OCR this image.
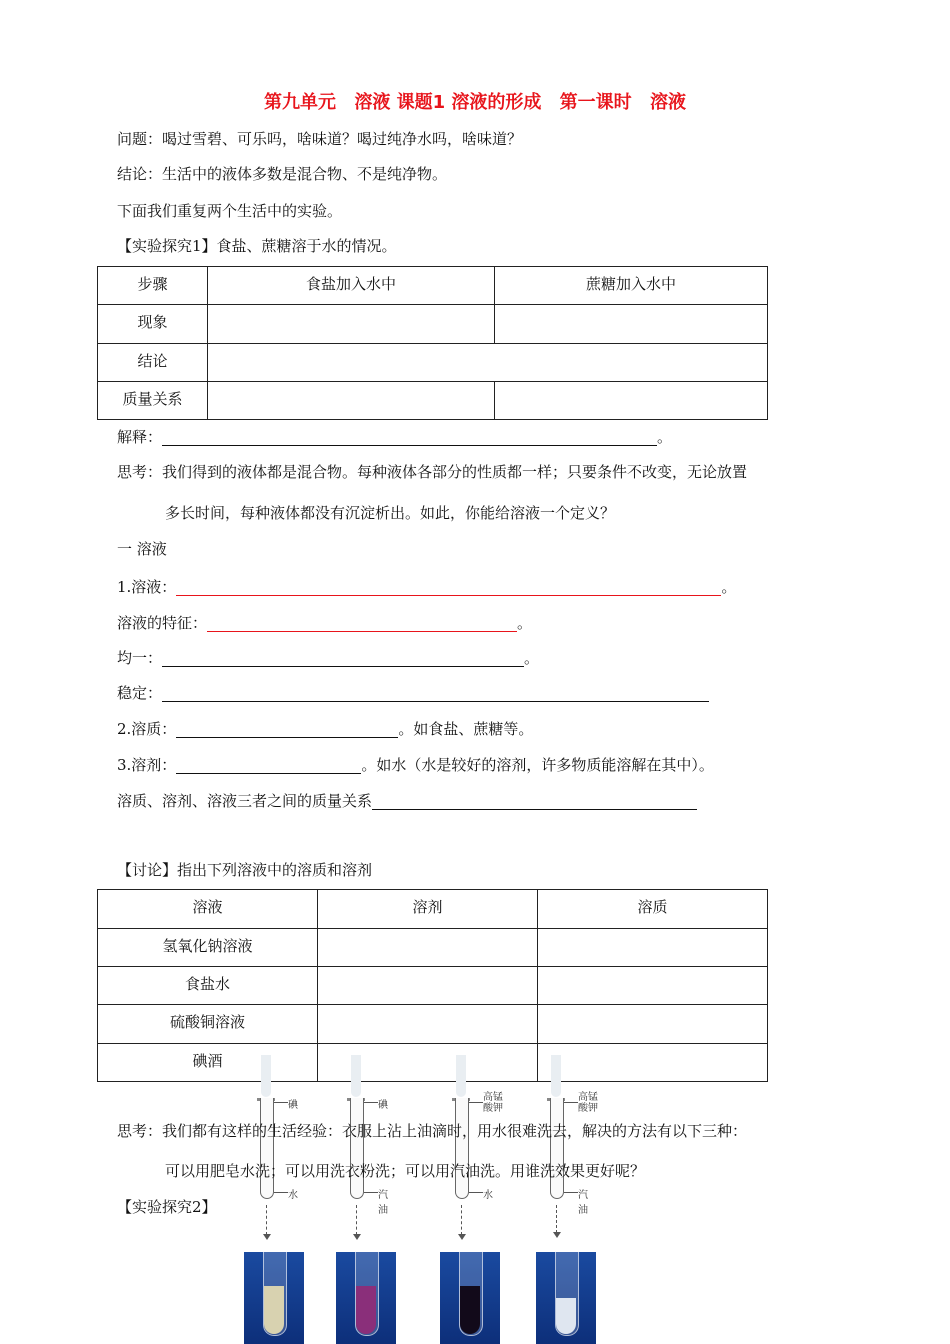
第九单元 溶液 课题1 溶液的形成 第一课时 溶液
问题：喝过雪碧、可乐吗，啥味道？喝过纯净水吗，啥味道？
结论：生活中的液体多数是混合物、不是纯净物。
下面我们重复两个生活中的实验。
【实验探究1】食盐、蔗糖溶于水的情况。
步骤	食盐加入水中	蔗糖加入水中
现象		
结论		
质量关系		
解释：	。
思考：我们得到的液体都是混合物。每种液体各部分的性质都一样；只要条件不改变，无论放置
多长时间，每种液体都没有沉淀析出。如此，你能给溶液一个定义？
一 溶液
1.溶液：	。
溶液的特征：	。
均一：	。
稳定：
2.溶质：	。如食盐、蔗糖等。
3.溶剂：	。如水（水是较好的溶剂，许多物质能溶解在其中）。
溶质、溶剂、溶液三者之间的质量关系
【讨论】指出下列溶液中的溶质和溶剂
溶液	溶剂	溶质
氢氧化钠溶液		
食盐水		
硫酸铜溶液		
碘酒		
碘
水
碘
汽油
高锰
酸钾
水
高锰
酸钾
汽油
思考：我们都有这样的生活经验：衣服上沾上油滴时，用水很难洗去，解决的方法有以下三种：
可以用肥皂水洗；可以用洗衣粉洗；可以用汽油洗。用谁洗效果更好呢？
【实验探究2】
